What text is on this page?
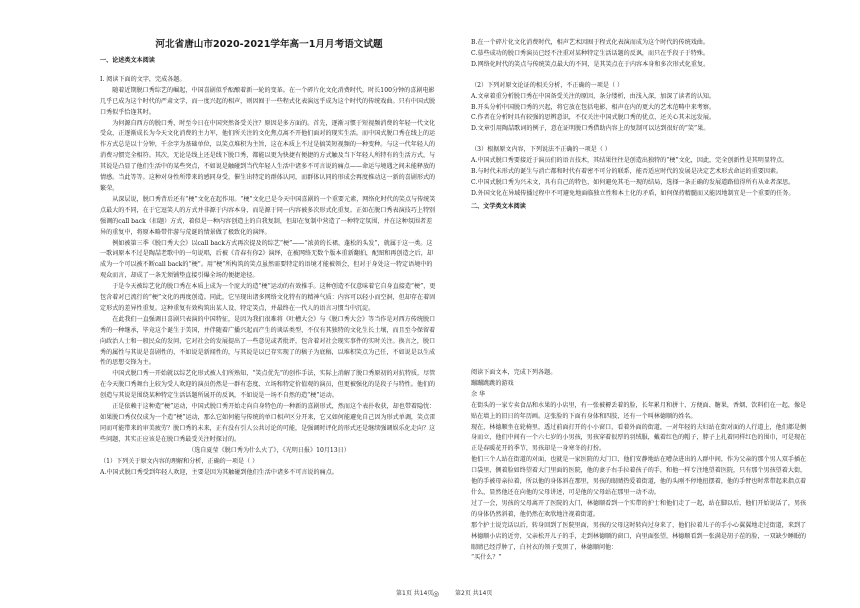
河北省唐山市2020-2021学年高一1月月考语文试题
一、论述类文本阅读

I. 阅读下面的文字，完成各题。

随着近期脱口秀综艺的崛起，中国喜剧似乎酝酿着新一轮的变革。在一个碎片化文化消费时代，时长100分钟的喜剧电影几乎已成为这个时代的严肃文学，而一度兴起的相声，则因囿于一些程式化表演远乎成为这个时代的传统戏曲。只有中国式脱口秀似乎恰逢其时。

为何源自西方的脱口秀，时至今日在中国突然备受关注？原因是多方面的。首先，逐渐习惯于短视频消费的年轻一代文化受众，正逐渐成长为今天文化消费的主力军，他们所关注的文化焦点离不开他们面对的现实生活。而中国式脱口秀在线上的运作方式总是以十分钟，千余字为基础单位，以笑点堆积为主旨，这在本质上不过是搞笑短视频的一种变种。与这一代年轻人的消费习惯完全相符。其次，无论是线上还是线下脱口秀，都能以更为快捷有便捷的方式触及当下年轻人所特有的生活方式，与其说是凸显了他们生活中的某些突点，不如说是触碰到当代年轻人生活中诸多不可言说的痛点——命运与境遇之间未能释放的情感。当此等等。这种对身性所带来的感同身受，催生出特定的群体认同，而群体认同的形成会再度推动这一新的喜剧形式的繁荣。

从深层说，脱口秀背后还有“梗”文化在起作用。“梗”文化已是今天中国喜剧的一个重要元素，网络化时代的笑点与传统笑点最大的不同，在于它逗笑人的方式并非源于内容本身，而是源于同一内容被多次形式化重复。正如在脱口秀表演技巧上特别强调的call back（扣题）方式，着似是一种内容创造上的自我复制，但却在复制中营造了一种特定氛围，并在这种氛围者差异的重复中，将原本略带伴游与荒诞的情景做了极致化的演绎。

例如被第三季《脱口秀大会》以call back方式再次提及的综艺“梗”——“浓黄的长裙，蓬松的头发”，就属于这一类。这一歌词原本不过是陶喆老歌中的一句说唱，后被《青春有你2》演绎，在被网络无数个版本重新翻拍，配图和再创造之后，却成为一个可以被不断call back的“梗”。用“梗”所构筑的笑点虽然需要特定的语境才能被领会，但对于身处这一特定语境中的观众而言，却成了一条无须铺垫直接引爆全场的便捷途径。

于是今天被综艺化的脱口秀在本质上成为一个庞大的造“梗”运动的有效推手。这种创造不仅意味着它自身直接造“梗”，更包含着对已流行的“梗”文化的再度创造。同此，它呈现出诸多网络文化特有的精神气质：内容可以轻小而空洞，但却存在着固定形式的差异性重复。这种重复有效构筑出某人设、特定笑点，并最终在一代人的语言习惯当中沉淀。

在此我们一直强调日喜剧只表演的中国特征，是因为我们很难将《吐槽大会》与《脱口秀大会》等当作是对西方传统脱口秀的一种继承，毕竟这个诞生于美国，并伴随着广播兴起而产生的谈话类型，不仅有其独特的文化生长土壤，而且至今保留着向政治人士和一般民众的发问，它对社会的发展提出了一些意见或者批评，包含着对社会现实事件的实时关注。换言之，脱口秀的属性与其说是喜剧性的，不如说是新闻性的，与其说是以已存实现了的稿子为底稿，以堆积笑点为己任，不如说是以生成性的思想交锋为主。

中国式脱口秀一开始就以综艺化形式被人们所熟知，“笑点优先”的创作手法，实际上消解了脱口秀原初的对抗特质，尽管在今天脱口秀舞台上较为受人欢迎的演员仍然是一群有态度、立场和特定价值观的演员，但更被强化的是段子与特性。他们的创造与其说是围绕某种特定生活话题所展开的反讽，不如说是一场不自然的造“梗”运动。

正是依赖于这种造“梗”运动，中国式脱口秀开始走向自身特色的一种新的喜剧形式，然而这个表扑收获，却也带着隐忧：如果脱口秀仅仅成为一个造“梗”运动，那么它如何能与传统的单口相声区分开来，它又如何能避免自己因为形式单调，笑点雷同而可能带来的审美疲劳？脱口秀的未来，正有没有引人公共讨论的可能，是强调时评化的形式还是继续强调娱乐化走向？这些问题，其实正应该是在脱口秀最受关注时探讨的。

（选自夏莹《脱口秀为什么火了》，《光明日报》10月13日）

（1）下列关于原文内容的理解和分析，正确的一项是（ ）

A.中国式脱口秀受到年轻人欢迎，主要是因为其触碰到他们生活中诸多不可言说的痛点。

B.在一个碎片化文化消费时代，相声艺术因囿于程式化表演而成为这个时代的传统戏曲。

C.慕些成功的脱口秀演员已经不注重对某种特定生活话题的反讽，而只在乎段子于特殊。

D.网络化时代的笑点与传统笑点最大的不同，是其笑点在于内容本身和多次形式化重复。

（2）下列对原文论证的相关分析，不正确的一项是（ ）

A.文章着重分析脱口秀在中国备受关注的原因，条分缕析，由浅入深，加深了读者的认知。

B.开头分析中国脱口秀的兴起，将它放在包括电影、相声在内的更大的艺术范畴中来考察。

C.作者在分析时具有较强的思辨意识，不仅关注中国式脱口秀的优点，还关心其未远发展。

D.文章引用陶喆歌词的例子，意在证明脱口秀借助内容上的复制可以达到很好的“笑”果。

（3）根据原文内容，下列说法不正确的一项是（ ）

A.中国式脱口秀要接近于演员们的语言技术，其结果往往是创造出独特的“梗”文化，因此，完全创新性是其明显特点。

B.与时代未形式的诞生与消亡都和时代有着密不可分的联系，能否适应时代的发展是决定艺术形式命运的重要因素。

C.中国式脱口秀为兴未文，具有自己的特色，如何避免其毛一现的结局，选择一条正确的发展道路值得所有从业者深思。

D.外国文化在异域传播过程中不可避免地面临独立性和本土化的矛盾，如何保持精髓而又能因地制宜是一个重要的任务。

二、文学类文本阅读

阅读下面文本，完成下列各题。

蹦蹦跳跳的游戏

余 华

在街头的一家专卖食品和水果的小店里，有一张被褥丢着的脸，长年累月和拼十、方便面、糖果，香烟、饮料们在一起，像是贴在墙上的旧日的年历画。这张脸的下面有身体和四肢，还有一个叫林德顺的姓名。

现在，林德顺坐在轮椅里，透过前面打开的小小窗口，看着外面的街道，一对年轻的夫妇站在街对面的人行道上，他们都是侧身而立，他们中间有一个六七岁的小男孩，男孩穿着很厚的羽绒服，戴着红色的帽子，脖子上扎着同样红色的围巾，可是现在正是春暖花开的季节，男孩却是一身寒冬的打扮。

他们三个人站在街道的对面，也就是一家医院的大门口，他们安静地站在嘈杂进出的人群中间，作为父亲的那个男人双手插在口袋里，侧着脸如终望着大门里面的医院，他的妻子右手拉着孩子的手，和他一样专注地望着医院，只有那个男孩望着大街，他的手被母亲拉着，所以他的身体斜在那里，男孩的眼睛热爱着街道，他的头刚不停地扭摆着，他的手臂也时常带起来指点着什么，显然他还在向他的父母讲述，可是他的父母站在那里一动不动。

过了一会，男孩的父母离开了医院的大门，林德顺看到一个实带的护士和他们走了一起，站在脚以后，他们开始说话了，男孩的身体仍然斜着，他仍然在欢欣地注视着街道。

那个护士说完话以后，转身回到了医院里面，男孩的父母这时转向过身来了，他们拉着儿子的手小心翼翼地走过街道，来到了林德顺小店的近旁，父亲松开儿子的手，走到林德顺的窗口，向里面张望，林德顺看到一张满是胡子茬的脸，一双缺少睡眠的眼睛已经浮肿了，白衬衣的领子变黑了，林德顺问他：

“买什么？”

第1页 共14页 ◎	第2页 共14页
